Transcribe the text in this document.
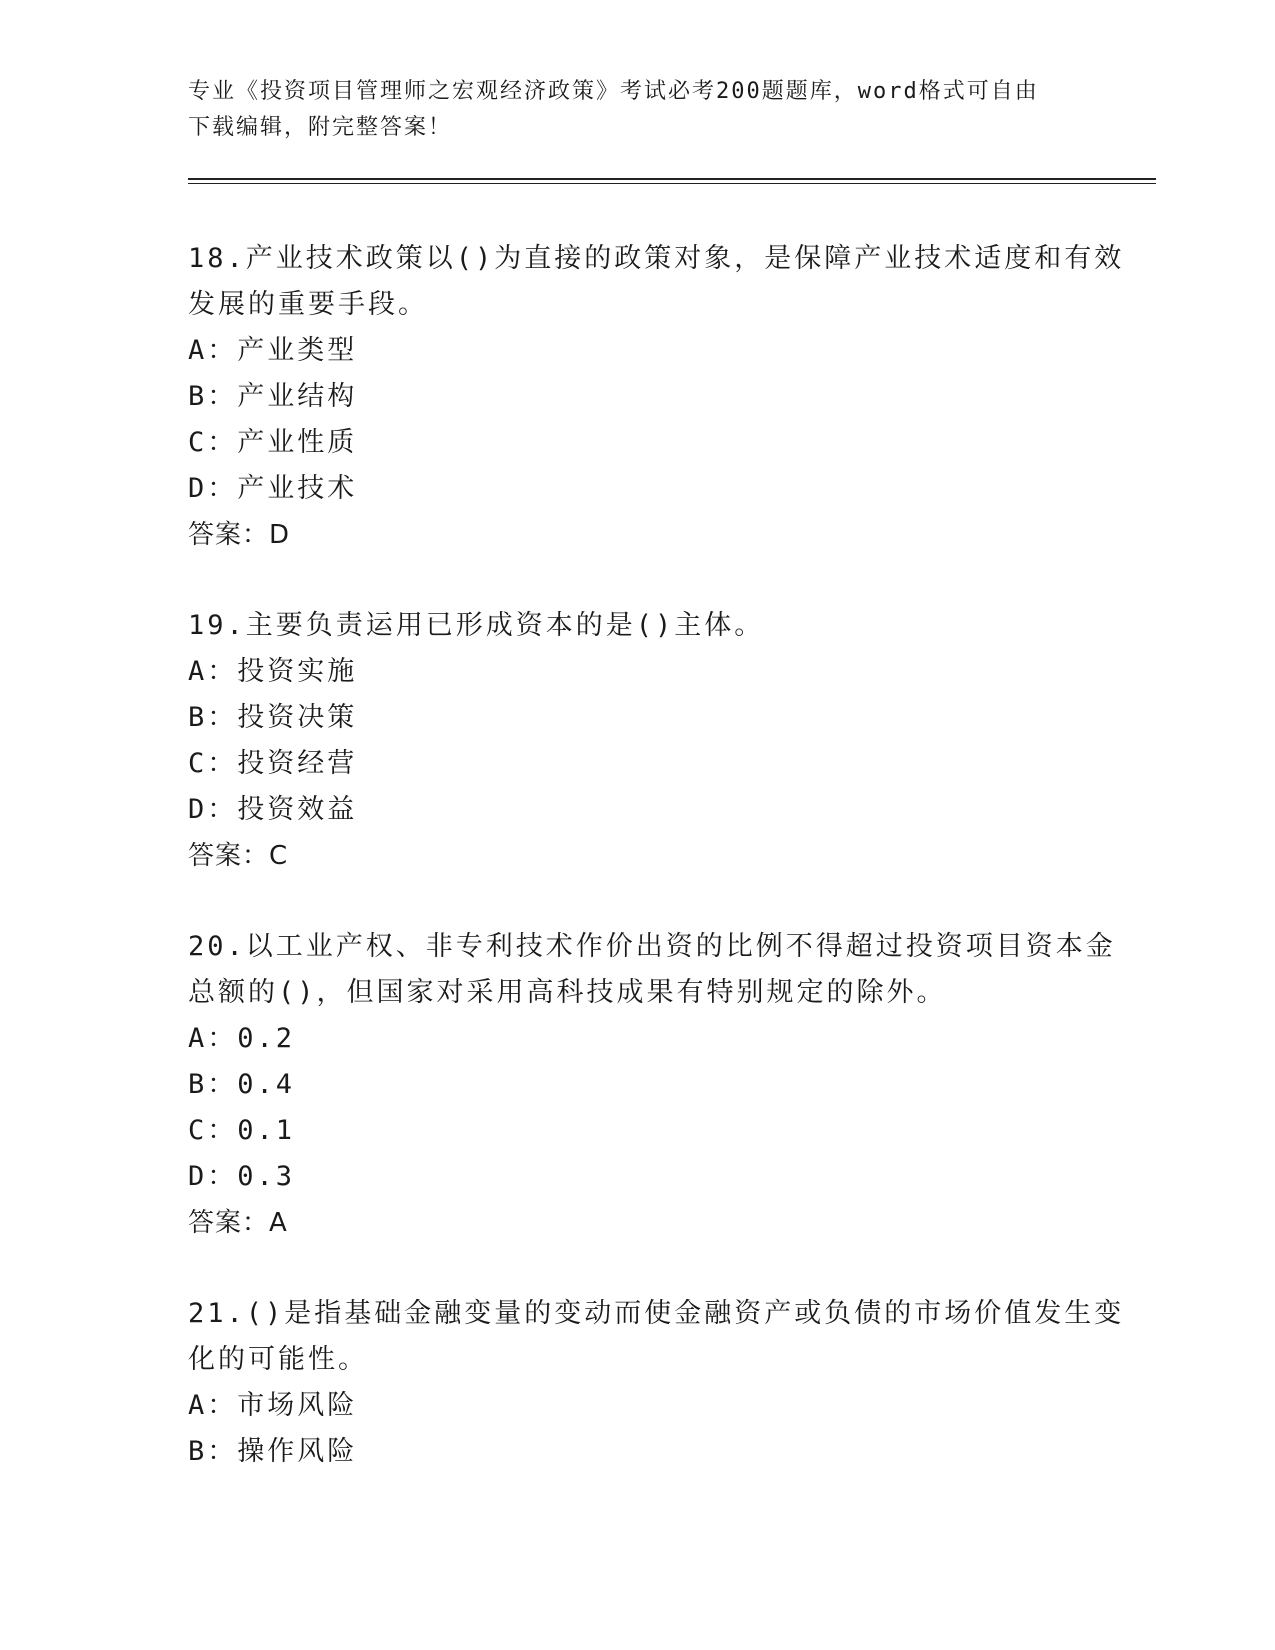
专业《投资项目管理师之宏观经济政策》考试必考200题题库，word格式可自由
下载编辑，附完整答案！
18.产业技术政策以()为直接的政策对象，是保障产业技术适度和有效
发展的重要手段。
A：产业类型
B：产业结构
C：产业性质
D：产业技术
答案：D
19.主要负责运用已形成资本的是()主体。
A：投资实施
B：投资决策
C：投资经营
D：投资效益
答案：C
20.以工业产权、非专利技术作价出资的比例不得超过投资项目资本金
总额的()，但国家对采用高科技成果有特别规定的除外。
A：0.2
B：0.4
C：0.1
D：0.3
答案：A
21.()是指基础金融变量的变动而使金融资产或负债的市场价值发生变
化的可能性。
A：市场风险
B：操作风险
